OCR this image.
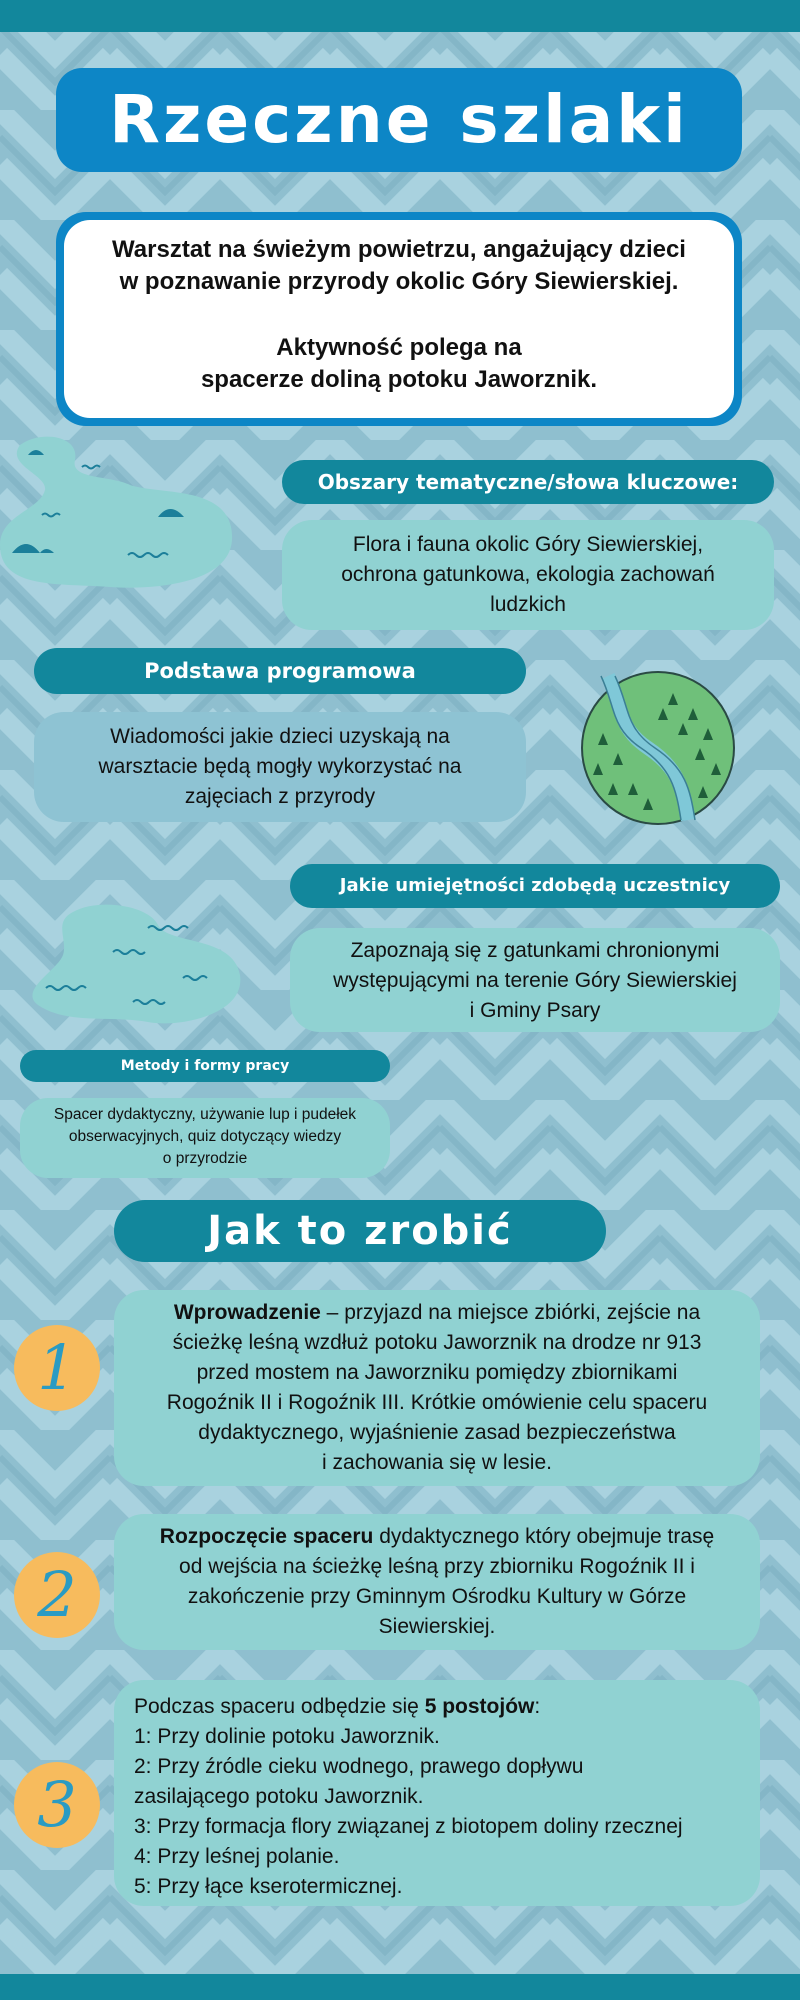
Rzeczne szlaki

Warsztat na świeżym powietrzu, angażujący dzieci

w poznawanie przyrody okolic Góry Siewierskiej.

Aktywność polega na

spacerze doliną potoku Jaworznik.

Obszary tematyczne/słowa kluczowe:

Flora i fauna okolic Góry Siewierskiej,

ochrona gatunkowa, ekologia zachowań

ludzkich

Podstawa programowa

Wiadomości jakie dzieci uzyskają na

warsztacie będą mogły wykorzystać na

zajęciach z przyrody

Jakie umiejętności zdobędą uczestnicy

Zapoznają się z gatunkami chronionymi

występującymi na terenie Góry Siewierskiej

i Gminy Psary

Metody i formy pracy

Spacer dydaktyczny, używanie lup i pudełek

obserwacyjnych, quiz dotyczący wiedzy

o przyrodzie

Jak to zrobić
1

Wprowadzenie – przyjazd na miejsce zbiórki, zejście na

ścieżkę leśną wzdłuż potoku Jaworznik na drodze nr 913

przed mostem na Jaworzniku pomiędzy zbiornikami

Rogoźnik II i Rogoźnik III. Krótkie omówienie celu spaceru

dydaktycznego, wyjaśnienie zasad bezpieczeństwa

i zachowania się w lesie.

2

Rozpoczęcie spaceru dydaktycznego który obejmuje trasę

od wejścia na ścieżkę leśną przy zbiorniku Rogoźnik II i

zakończenie przy Gminnym Ośrodku Kultury w Górze

Siewierskiej.

3

Podczas spaceru odbędzie się 5 postojów:

1: Przy dolinie potoku Jaworznik.

2: Przy źródle cieku wodnego, prawego dopływu

zasilającego potoku Jaworznik.

3: Przy formacja flory związanej z biotopem doliny rzecznej

4: Przy leśnej polanie.

5: Przy łące kserotermicznej.
